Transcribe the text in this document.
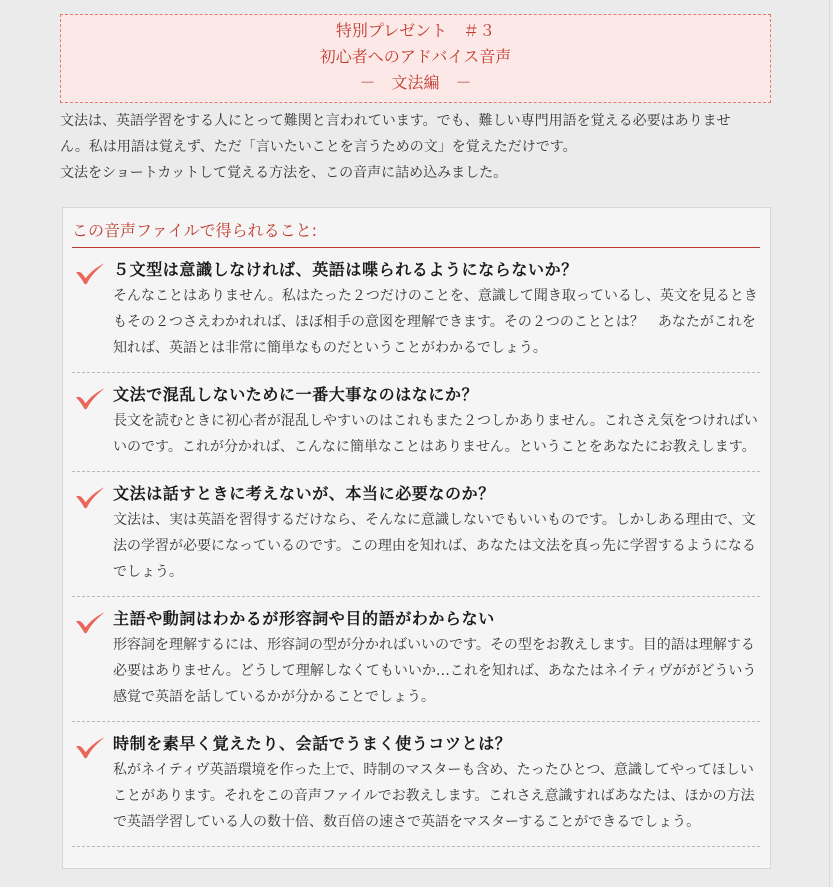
特別プレゼント　＃３
初心者へのアドバイス音声
－　文法編　－
文法は、英語学習をする人にとって難関と言われています。でも、難しい専門用語を覚える必要はありませ
ん。私は用語は覚えず、ただ「言いたいことを言うための文」を覚えただけです。
文法をショートカットして覚える方法を、この音声に詰め込みました。
この音声ファイルで得られること:
５文型は意識しなければ、英語は喋られるようにならないか？
そんなことはありません。私はたった２つだけのことを、意識して聞き取っているし、英文を見るとき
もその２つさえわかれれば、ほぼ相手の意図を理解できます。その２つのこととは？　あなたがこれを
知れば、英語とは非常に簡単なものだということがわかるでしょう。
文法で混乱しないために一番大事なのはなにか？
長文を読むときに初心者が混乱しやすいのはこれもまた２つしかありません。これさえ気をつければい
いのです。これが分かれば、こんなに簡単なことはありません。ということをあなたにお教えします。
文法は話すときに考えないが、本当に必要なのか？
文法は、実は英語を習得するだけなら、そんなに意識しないでもいいものです。しかしある理由で、文
法の学習が必要になっているのです。この理由を知れば、あなたは文法を真っ先に学習するようになる
でしょう。
主語や動詞はわかるが形容詞や目的語がわからない
形容詞を理解するには、形容詞の型が分かればいいのです。その型をお教えします。目的語は理解する
必要はありません。どうして理解しなくてもいいか…これを知れば、あなたはネイティヴががどういう
感覚で英語を話しているかが分かることでしょう。
時制を素早く覚えたり、会話でうまく使うコツとは？
私がネイティヴ英語環境を作った上で、時制のマスターも含め、たったひとつ、意識してやってほしい
ことがあります。それをこの音声ファイルでお教えします。これさえ意識すればあなたは、ほかの方法
で英語学習している人の数十倍、数百倍の速さで英語をマスターすることができるでしょう。
